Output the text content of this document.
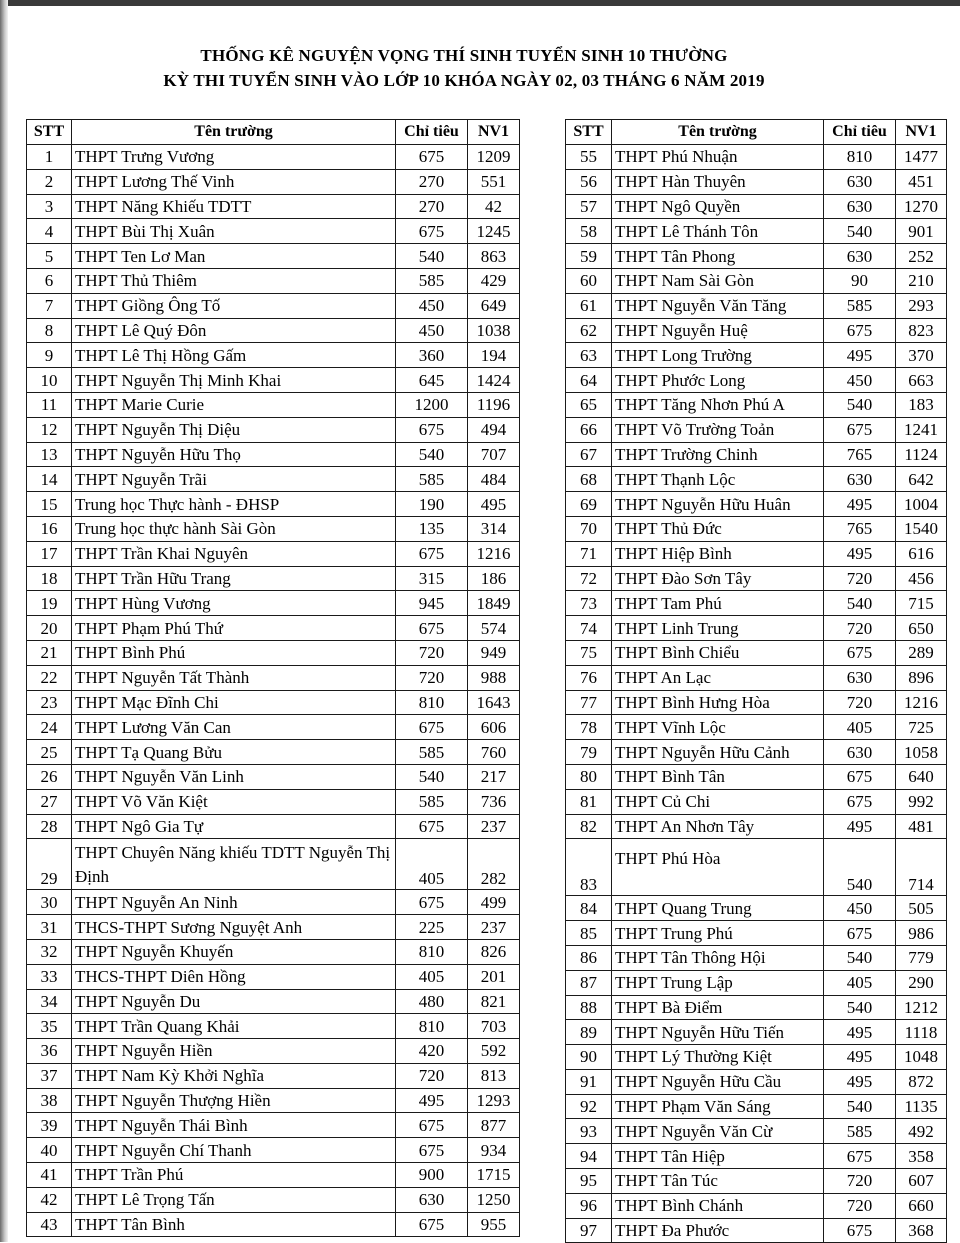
THỐNG KÊ NGUYỆN VỌNG THÍ SINH TUYỂN SINH 10 THƯỜNG
KỲ THI TUYỂN SINH VÀO LỚP 10 KHÓA NGÀY 02, 03 THÁNG 6 NĂM 2019
STT	Tên trường	Chỉ tiêu	NV1
1	THPT Trưng Vương	675	1209
2	THPT Lương Thế Vinh	270	551
3	THPT Năng Khiếu TDTT	270	42
4	THPT Bùi Thị Xuân	675	1245
5	THPT Ten Lơ Man	540	863
6	THPT Thủ Thiêm	585	429
7	THPT Giồng Ông Tố	450	649
8	THPT Lê Quý Đôn	450	1038
9	THPT Lê Thị Hồng Gấm	360	194
10	THPT Nguyễn Thị Minh Khai	645	1424
11	THPT Marie Curie	1200	1196
12	THPT Nguyễn Thị Diệu	675	494
13	THPT Nguyễn Hữu Thọ	540	707
14	THPT Nguyễn Trãi	585	484
15	Trung học Thực hành - ĐHSP	190	495
16	Trung học thực hành Sài Gòn	135	314
17	THPT Trần Khai Nguyên	675	1216
18	THPT Trần Hữu Trang	315	186
19	THPT Hùng Vương	945	1849
20	THPT Phạm Phú Thứ	675	574
21	THPT Bình Phú	720	949
22	THPT Nguyễn Tất Thành	720	988
23	THPT Mạc Đĩnh Chi	810	1643
24	THPT Lương Văn Can	675	606
25	THPT Tạ Quang Bửu	585	760
26	THPT Nguyễn Văn Linh	540	217
27	THPT Võ Văn Kiệt	585	736
28	THPT Ngô Gia Tự	675	237
29	THPT Chuyên Năng khiếu TDTT Nguyễn Thị Định	405	282
30	THPT Nguyễn An Ninh	675	499
31	THCS-THPT Sương Nguyệt Anh	225	237
32	THPT Nguyễn Khuyến	810	826
33	THCS-THPT Diên Hồng	405	201
34	THPT Nguyễn Du	480	821
35	THPT Trần Quang Khải	810	703
36	THPT Nguyễn Hiền	420	592
37	THPT Nam Kỳ Khởi Nghĩa	720	813
38	THPT Nguyễn Thượng Hiền	495	1293
39	THPT Nguyễn Thái Bình	675	877
40	THPT Nguyễn Chí Thanh	675	934
41	THPT Trần Phú	900	1715
42	THPT Lê Trọng Tấn	630	1250
43	THPT Tân Bình	675	955
STT	Tên trường	Chỉ tiêu	NV1
55	THPT Phú Nhuận	810	1477
56	THPT Hàn Thuyên	630	451
57	THPT Ngô Quyền	630	1270
58	THPT Lê Thánh Tôn	540	901
59	THPT Tân Phong	630	252
60	THPT Nam Sài Gòn	90	210
61	THPT Nguyễn Văn Tăng	585	293
62	THPT Nguyễn Huệ	675	823
63	THPT Long Trường	495	370
64	THPT Phước Long	450	663
65	THPT Tăng Nhơn Phú A	540	183
66	THPT Võ Trường Toản	675	1241
67	THPT Trường Chinh	765	1124
68	THPT Thạnh Lộc	630	642
69	THPT Nguyễn Hữu Huân	495	1004
70	THPT Thủ Đức	765	1540
71	THPT Hiệp Bình	495	616
72	THPT Đào Sơn Tây	720	456
73	THPT Tam Phú	540	715
74	THPT Linh Trung	720	650
75	THPT Bình Chiểu	675	289
76	THPT An Lạc	630	896
77	THPT Bình Hưng Hòa	720	1216
78	THPT Vĩnh Lộc	405	725
79	THPT Nguyễn Hữu Cảnh	630	1058
80	THPT Bình Tân	675	640
81	THPT Củ Chi	675	992
82	THPT An Nhơn Tây	495	481
83	THPT Phú Hòa	540	714
84	THPT Quang Trung	450	505
85	THPT Trung Phú	675	986
86	THPT Tân Thông Hội	540	779
87	THPT Trung Lập	405	290
88	THPT Bà Điểm	540	1212
89	THPT Nguyễn Hữu Tiến	495	1118
90	THPT Lý Thường Kiệt	495	1048
91	THPT Nguyễn Hữu Cầu	495	872
92	THPT Phạm Văn Sáng	540	1135
93	THPT Nguyễn Văn Cừ	585	492
94	THPT Tân Hiệp	675	358
95	THPT Tân Túc	720	607
96	THPT Bình Chánh	720	660
97	THPT Đa Phước	675	368
